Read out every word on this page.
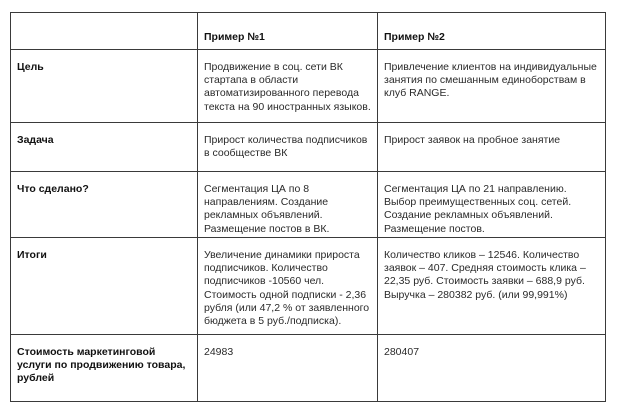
	Пример №1	Пример №2

Цель	Продвижение в соц. сети ВК стартапа в области автоматизированного перевода текста на 90 иностранных языков.	Привлечение клиентов на индивидуальные занятия по смешанным единоборствам в клуб RANGE.

Задача	Прирост количества подписчиков в сообществе ВК	Прирост заявок на пробное занятие

Что сделано?	Сегментация ЦА по 8 направлениям. Создание рекламных объявлений. Размещение постов в ВК.	Сегментация ЦА по 21 направлению. Выбор преимущественных соц. сетей. Создание рекламных объявлений. Размещение постов.

Итоги	Увеличение динамики прироста подписчиков. Количество подписчиков -10560 чел. Стоимость одной подписки - 2,36 рубля (или 47,2 % от заявленного бюджета в 5 руб./подписка).	Количество кликов – 12546. Количество заявок – 407. Средняя стоимость клика – 22,35 руб. Стоимость заявки – 688,9 руб. Выручка – 280382 руб. (или 99,991%)

Стоимость маркетинговой услуги по продвижению товара, рублей	24983	280407
